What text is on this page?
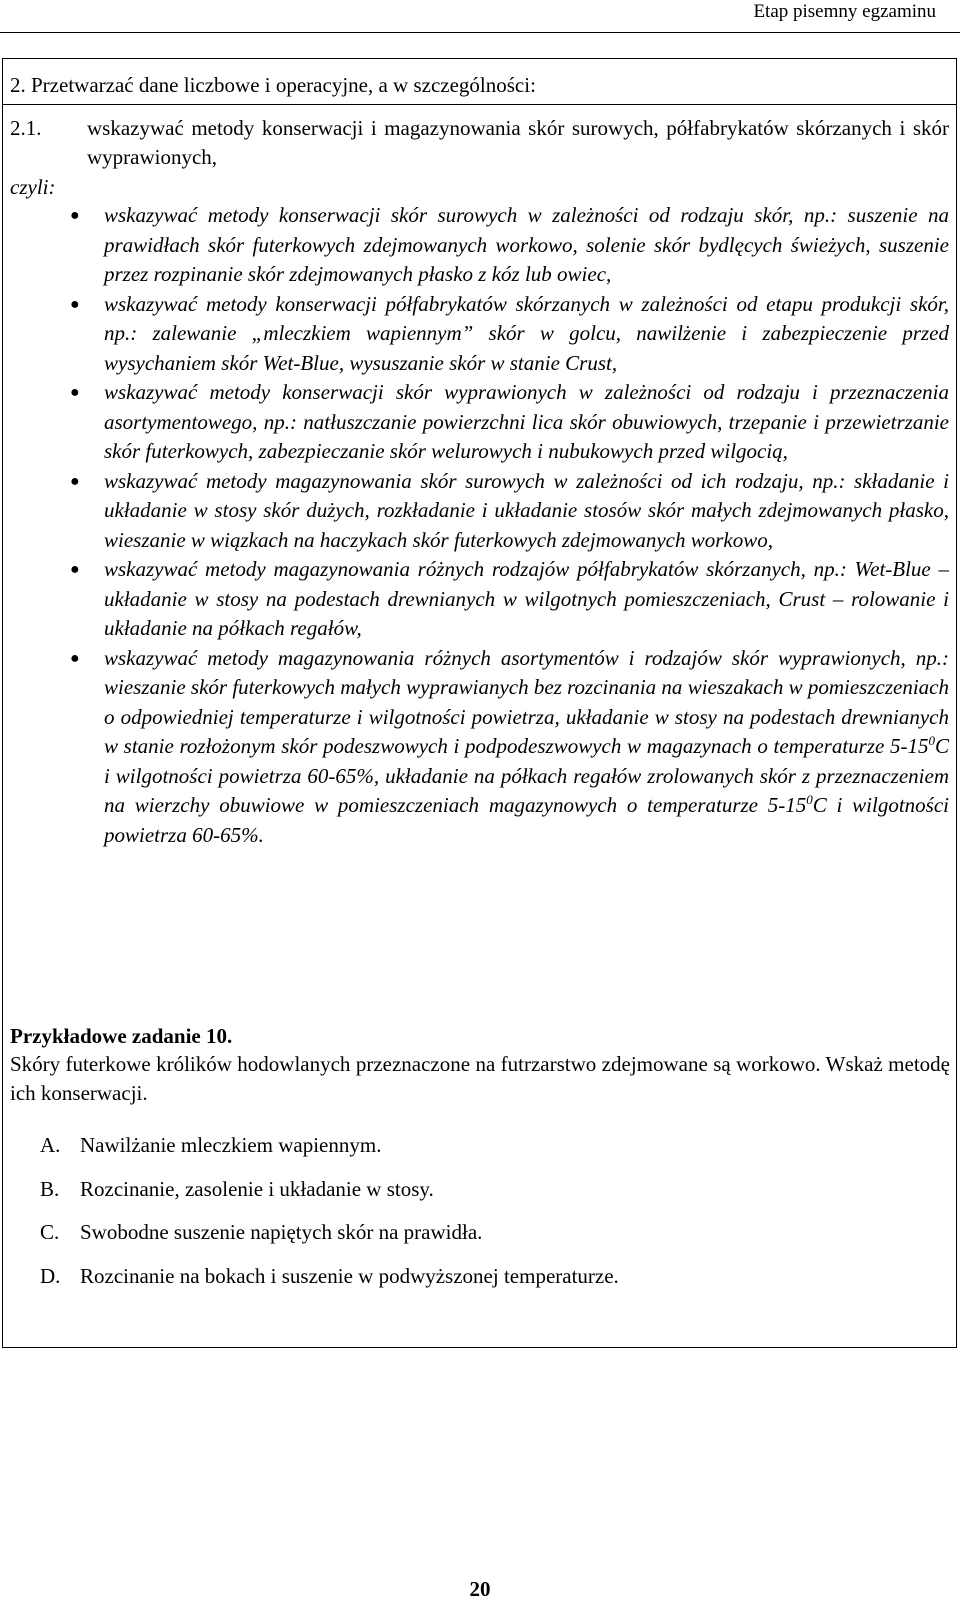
Etap pisemny egzaminu
2. Przetwarzać dane liczbowe i operacyjne, a w szczególności:
2.1. wskazywać metody konserwacji i magazynowania skór surowych, półfabrykatów skórzanych i skór wyprawionych,
czyli:
● wskazywać metody konserwacji skór surowych w zależności od rodzaju skór, np.: suszenie na prawidłach skór futerkowych zdejmowanych workowo, solenie skór bydlęcych świeżych, suszenie przez rozpinanie skór zdejmowanych płasko z kóz lub owiec,
● wskazywać metody konserwacji półfabrykatów skórzanych w zależności od etapu produkcji skór, np.: zalewanie „mleczkiem wapiennym” skór w golcu, nawilżenie i zabezpieczenie przed wysychaniem skór Wet-Blue, wysuszanie skór w stanie Crust,
● wskazywać metody konserwacji skór wyprawionych w zależności od rodzaju i przeznaczenia asortymentowego, np.: natłuszczanie powierzchni lica skór obuwiowych, trzepanie i przewietrzanie skór futerkowych, zabezpieczanie skór welurowych i nubukowych przed wilgocią,
● wskazywać metody magazynowania skór surowych w zależności od ich rodzaju, np.: składanie i układanie w stosy skór dużych, rozkładanie i układanie stosów skór małych zdejmowanych płasko, wieszanie w wiązkach na haczykach skór futerkowych zdejmowanych workowo,
● wskazywać metody magazynowania różnych rodzajów półfabrykatów skórzanych, np.: Wet-Blue – układanie w stosy na podestach drewnianych w wilgotnych pomieszczeniach, Crust – rolowanie i układanie na półkach regałów,
● wskazywać metody magazynowania różnych asortymentów i rodzajów skór wyprawionych, np.: wieszanie skór futerkowych małych wyprawianych bez rozcinania na wieszakach w pomieszczeniach o odpowiedniej temperaturze i wilgotności powietrza, układanie w stosy na podestach drewnianych w stanie rozłożonym skór podeszwowych i podpodeszwowych w magazynach o temperaturze $5-15^0C$ i wilgotności powietrza 60-65%, układanie na półkach regałów zrolowanych skór z przeznaczeniem na wierzchy obuwiowe w pomieszczeniach magazynowych o temperaturze $5-15^0C$ i wilgotności powietrza 60-65%.
Przykładowe zadanie 10.
Skóry futerkowe królików hodowlanych przeznaczone na futrzarstwo zdejmowane są workowo. Wskaż metodę ich konserwacji.
A. Nawilżanie mleczkiem wapiennym.
B. Rozcinanie, zasolenie i układanie w stosy.
C. Swobodne suszenie napiętych skór na prawidła.
D. Rozcinanie na bokach i suszenie w podwyższonej temperaturze.
20
